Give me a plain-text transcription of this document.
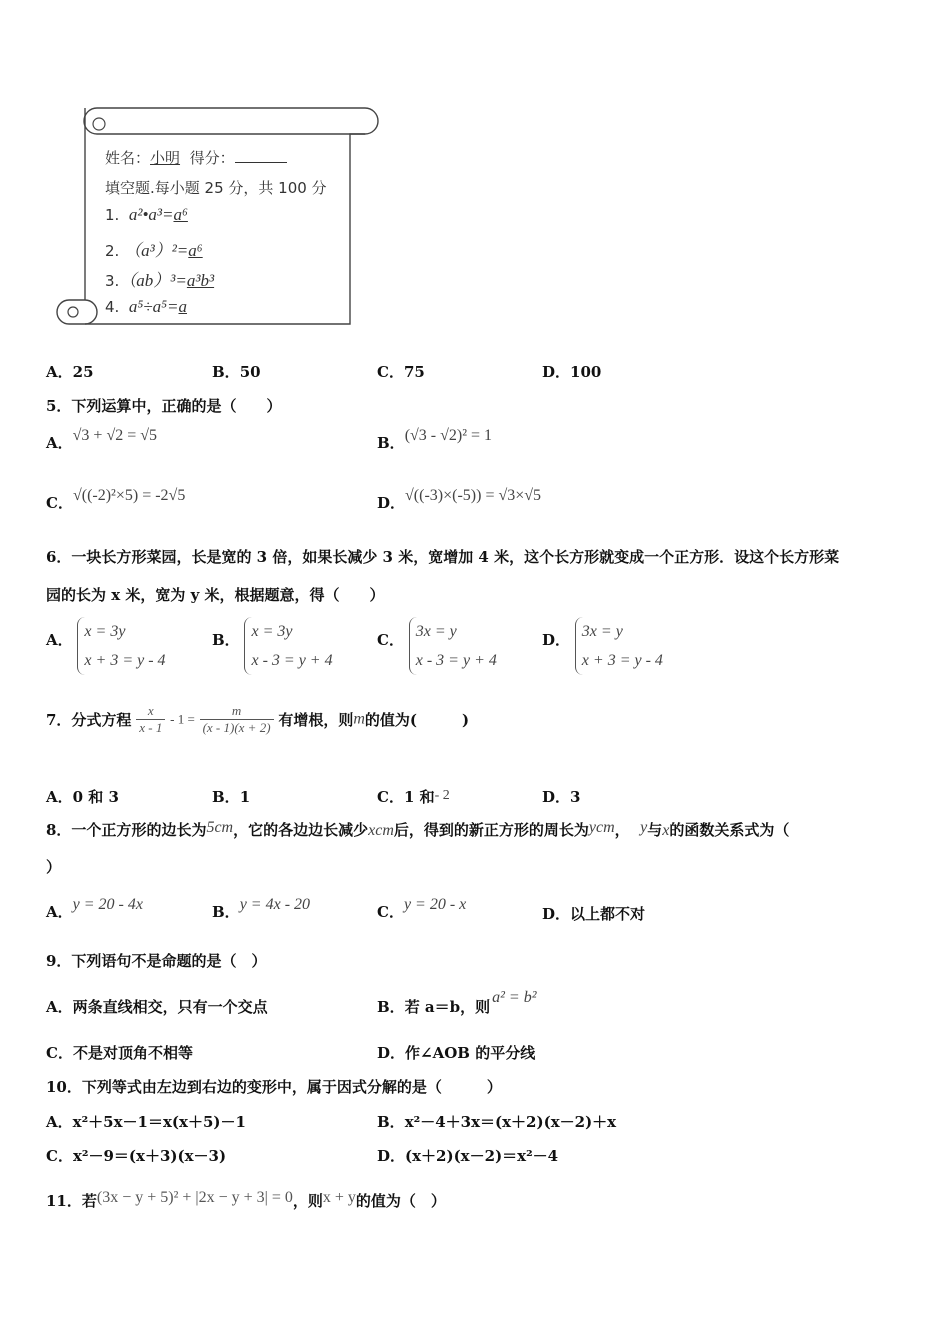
姓名：小明 得分：
填空题.每小题 25 分，共 100 分
1. a²•a³=a⁶
2. （a³）²=a⁶
3.（ab）³=a³b³
4. a⁵÷a⁵=a
A．25	B．50	C．75	D．100
5．下列运算中，正确的是（　　）
A．√3 + √2 = √5	B．(√3 - √2)² = 1
C．√((-2)²×5) = -2√5	D．√((-3)×(-5)) = √3×√5
6．一块长方形菜园，长是宽的 3 倍，如果长减少 3 米，宽增加 4 米，这个长方形就变成一个正方形．设这个长方形菜
园的长为 x 米，宽为 y 米，根据题意，得（　　）
A． x = 3y
x + 3 = y - 4
B． x = 3y
x - 3 = y + 4
C． 3x = y
x - 3 = y + 4
D． 3x = y
x + 3 = y - 4
7．分式方程 $\frac{x}{x - 1} - 1 = \frac{m}{(x - 1)(x + 2)}$ 有增根，则m的值为(　　　)
A．0 和 3	B．1	C．1 和- 2	D．3
8．一个正方形的边长为5cm，它的各边边长减少xcm后，得到的新正方形的周长为ycm， y与x的函数关系式为（
）
A．y = 20 - 4x	B．y = 4x - 20	C．y = 20 - x
D．以上都不对
9．下列语句不是命题的是（　）
A．两条直线相交，只有一个交点	B．若 a＝b，则a² = b²
C．不是对顶角不相等	D．作∠AOB 的平分线
10．下列等式由左边到右边的变形中，属于因式分解的是（　　　）
A．x²＋5x－1＝x(x＋5)－1	B．x²－4＋3x＝(x＋2)(x－2)＋x
C．x²－9＝(x＋3)(x－3)	D．(x＋2)(x－2)＝x²－4
11．若(3x − y + 5)² + |2x − y + 3| = 0，则x + y的值为（　）
